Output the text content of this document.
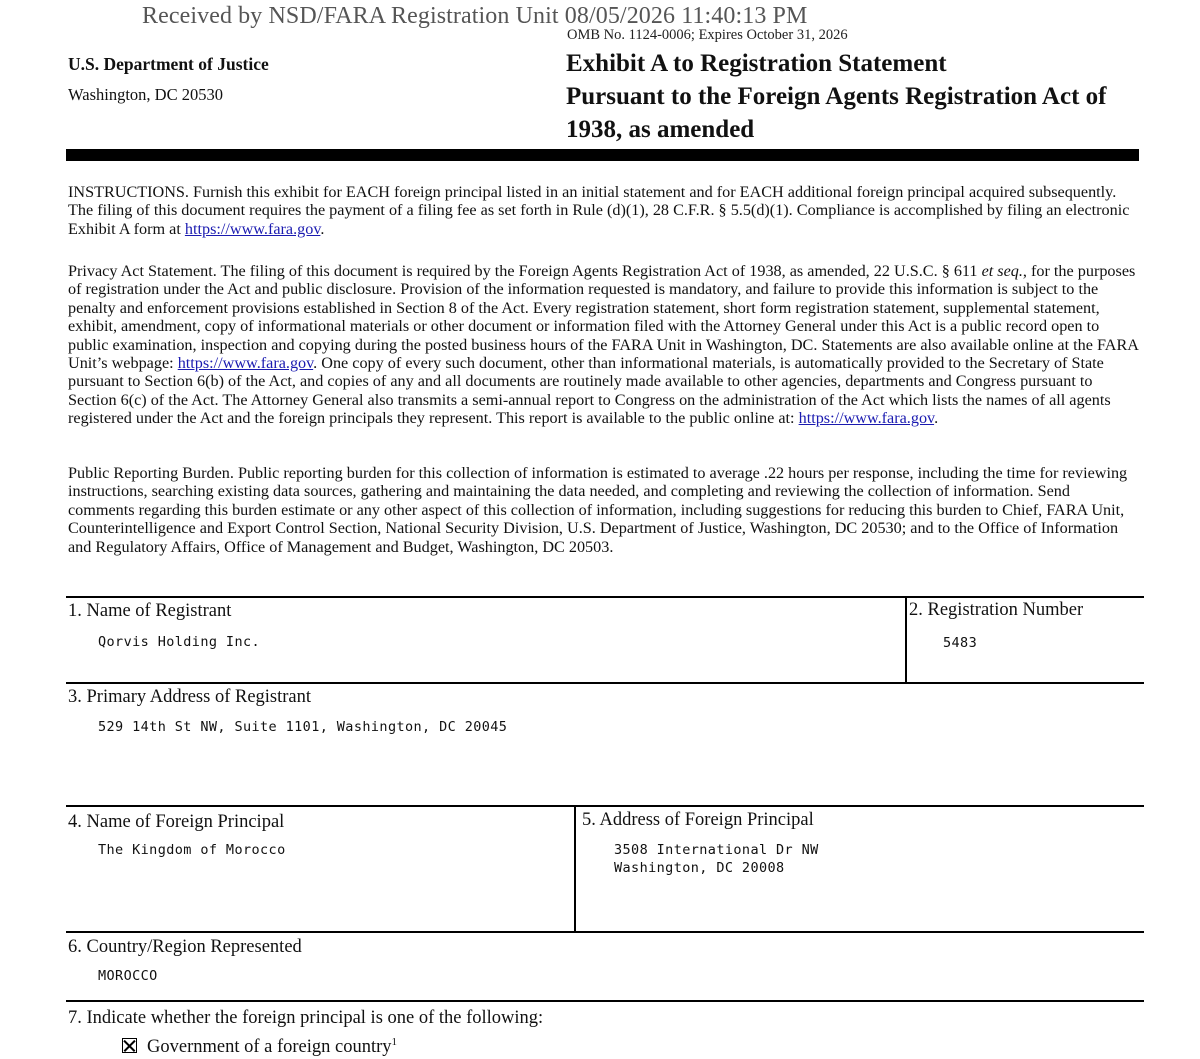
Received by NSD/FARA Registration Unit 08/05/2026 11:40:13 PM
OMB No. 1124-0006; Expires October 31, 2026
U.S. Department of Justice
Washington, DC 20530
Exhibit A to Registration Statement
Pursuant to the Foreign Agents Registration Act of
1938, as amended
INSTRUCTIONS. Furnish this exhibit for EACH foreign principal listed in an initial statement and for EACH additional foreign principal acquired subsequently. The filing of this document requires the payment of a filing fee as set forth in Rule (d)(1), 28 C.F.R. § 5.5(d)(1). Compliance is accomplished by filing an electronic Exhibit A form at https://www.fara.gov.
Privacy Act Statement. The filing of this document is required by the Foreign Agents Registration Act of 1938, as amended, 22 U.S.C. § 611 et seq., for the purposes of registration under the Act and public disclosure. Provision of the information requested is mandatory, and failure to provide this information is subject to the penalty and enforcement provisions established in Section 8 of the Act. Every registration statement, short form registration statement, supplemental statement, exhibit, amendment, copy of informational materials or other document or information filed with the Attorney General under this Act is a public record open to public examination, inspection and copying during the posted business hours of the FARA Unit in Washington, DC. Statements are also available online at the FARA Unit’s webpage: https://www.fara.gov. One copy of every such document, other than informational materials, is automatically provided to the Secretary of State pursuant to Section 6(b) of the Act, and copies of any and all documents are routinely made available to other agencies, departments and Congress pursuant to Section 6(c) of the Act. The Attorney General also transmits a semi-annual report to Congress on the administration of the Act which lists the names of all agents registered under the Act and the foreign principals they represent. This report is available to the public online at: https://www.fara.gov.
Public Reporting Burden. Public reporting burden for this collection of information is estimated to average .22 hours per response, including the time for reviewing instructions, searching existing data sources, gathering and maintaining the data needed, and completing and reviewing the collection of information. Send comments regarding this burden estimate or any other aspect of this collection of information, including suggestions for reducing this burden to Chief, FARA Unit, Counterintelligence and Export Control Section, National Security Division, U.S. Department of Justice, Washington, DC 20530; and to the Office of Information and Regulatory Affairs, Office of Management and Budget, Washington, DC 20503.
1. Name of Registrant
Qorvis Holding Inc.
2. Registration Number
5483
3. Primary Address of Registrant
529 14th St NW, Suite 1101, Washington, DC 20045
4. Name of Foreign Principal
The Kingdom of Morocco
5. Address of Foreign Principal
3508 International Dr NW
Washington, DC 20008
6. Country/Region Represented
MOROCCO
7. Indicate whether the foreign principal is one of the following:
Government of a foreign country$^1$
